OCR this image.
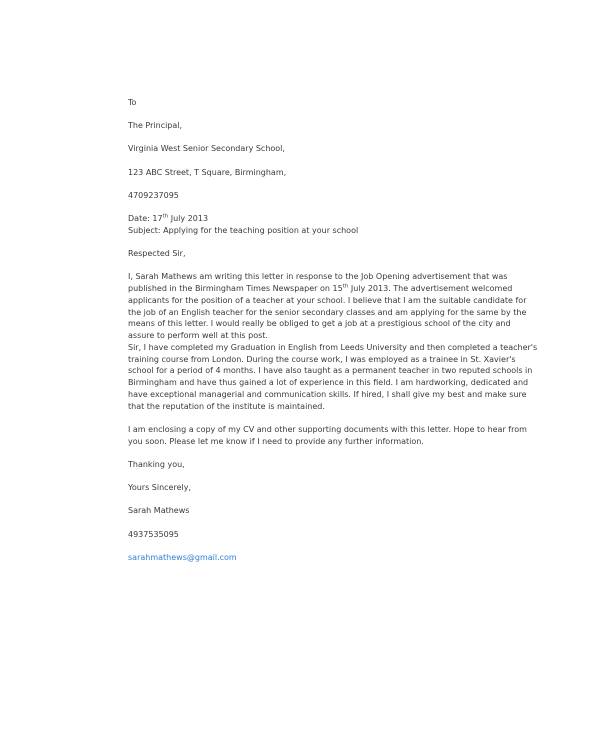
To
The Principal,
Virginia West Senior Secondary School,
123 ABC Street, T Square, Birmingham,
4709237095
Date: 17th July 2013
Subject: Applying for the teaching position at your school
Respected Sir,
I, Sarah Mathews am writing this letter in response to the Job Opening advertisement that was
published in the Birmingham Times Newspaper on 15th July 2013. The advertisement welcomed
applicants for the position of a teacher at your school. I believe that I am the suitable candidate for
the job of an English teacher for the senior secondary classes and am applying for the same by the
means of this letter. I would really be obliged to get a job at a prestigious school of the city and
assure to perform well at this post.
Sir, I have completed my Graduation in English from Leeds University and then completed a teacher's
training course from London. During the course work, I was employed as a trainee in St. Xavier's
school for a period of 4 months. I have also taught as a permanent teacher in two reputed schools in
Birmingham and have thus gained a lot of experience in this field. I am hardworking, dedicated and
have exceptional managerial and communication skills. If hired, I shall give my best and make sure
that the reputation of the institute is maintained.
I am enclosing a copy of my CV and other supporting documents with this letter. Hope to hear from
you soon. Please let me know if I need to provide any further information.
Thanking you,
Yours Sincerely,
Sarah Mathews
4937535095
sarahmathews@gmail.com
